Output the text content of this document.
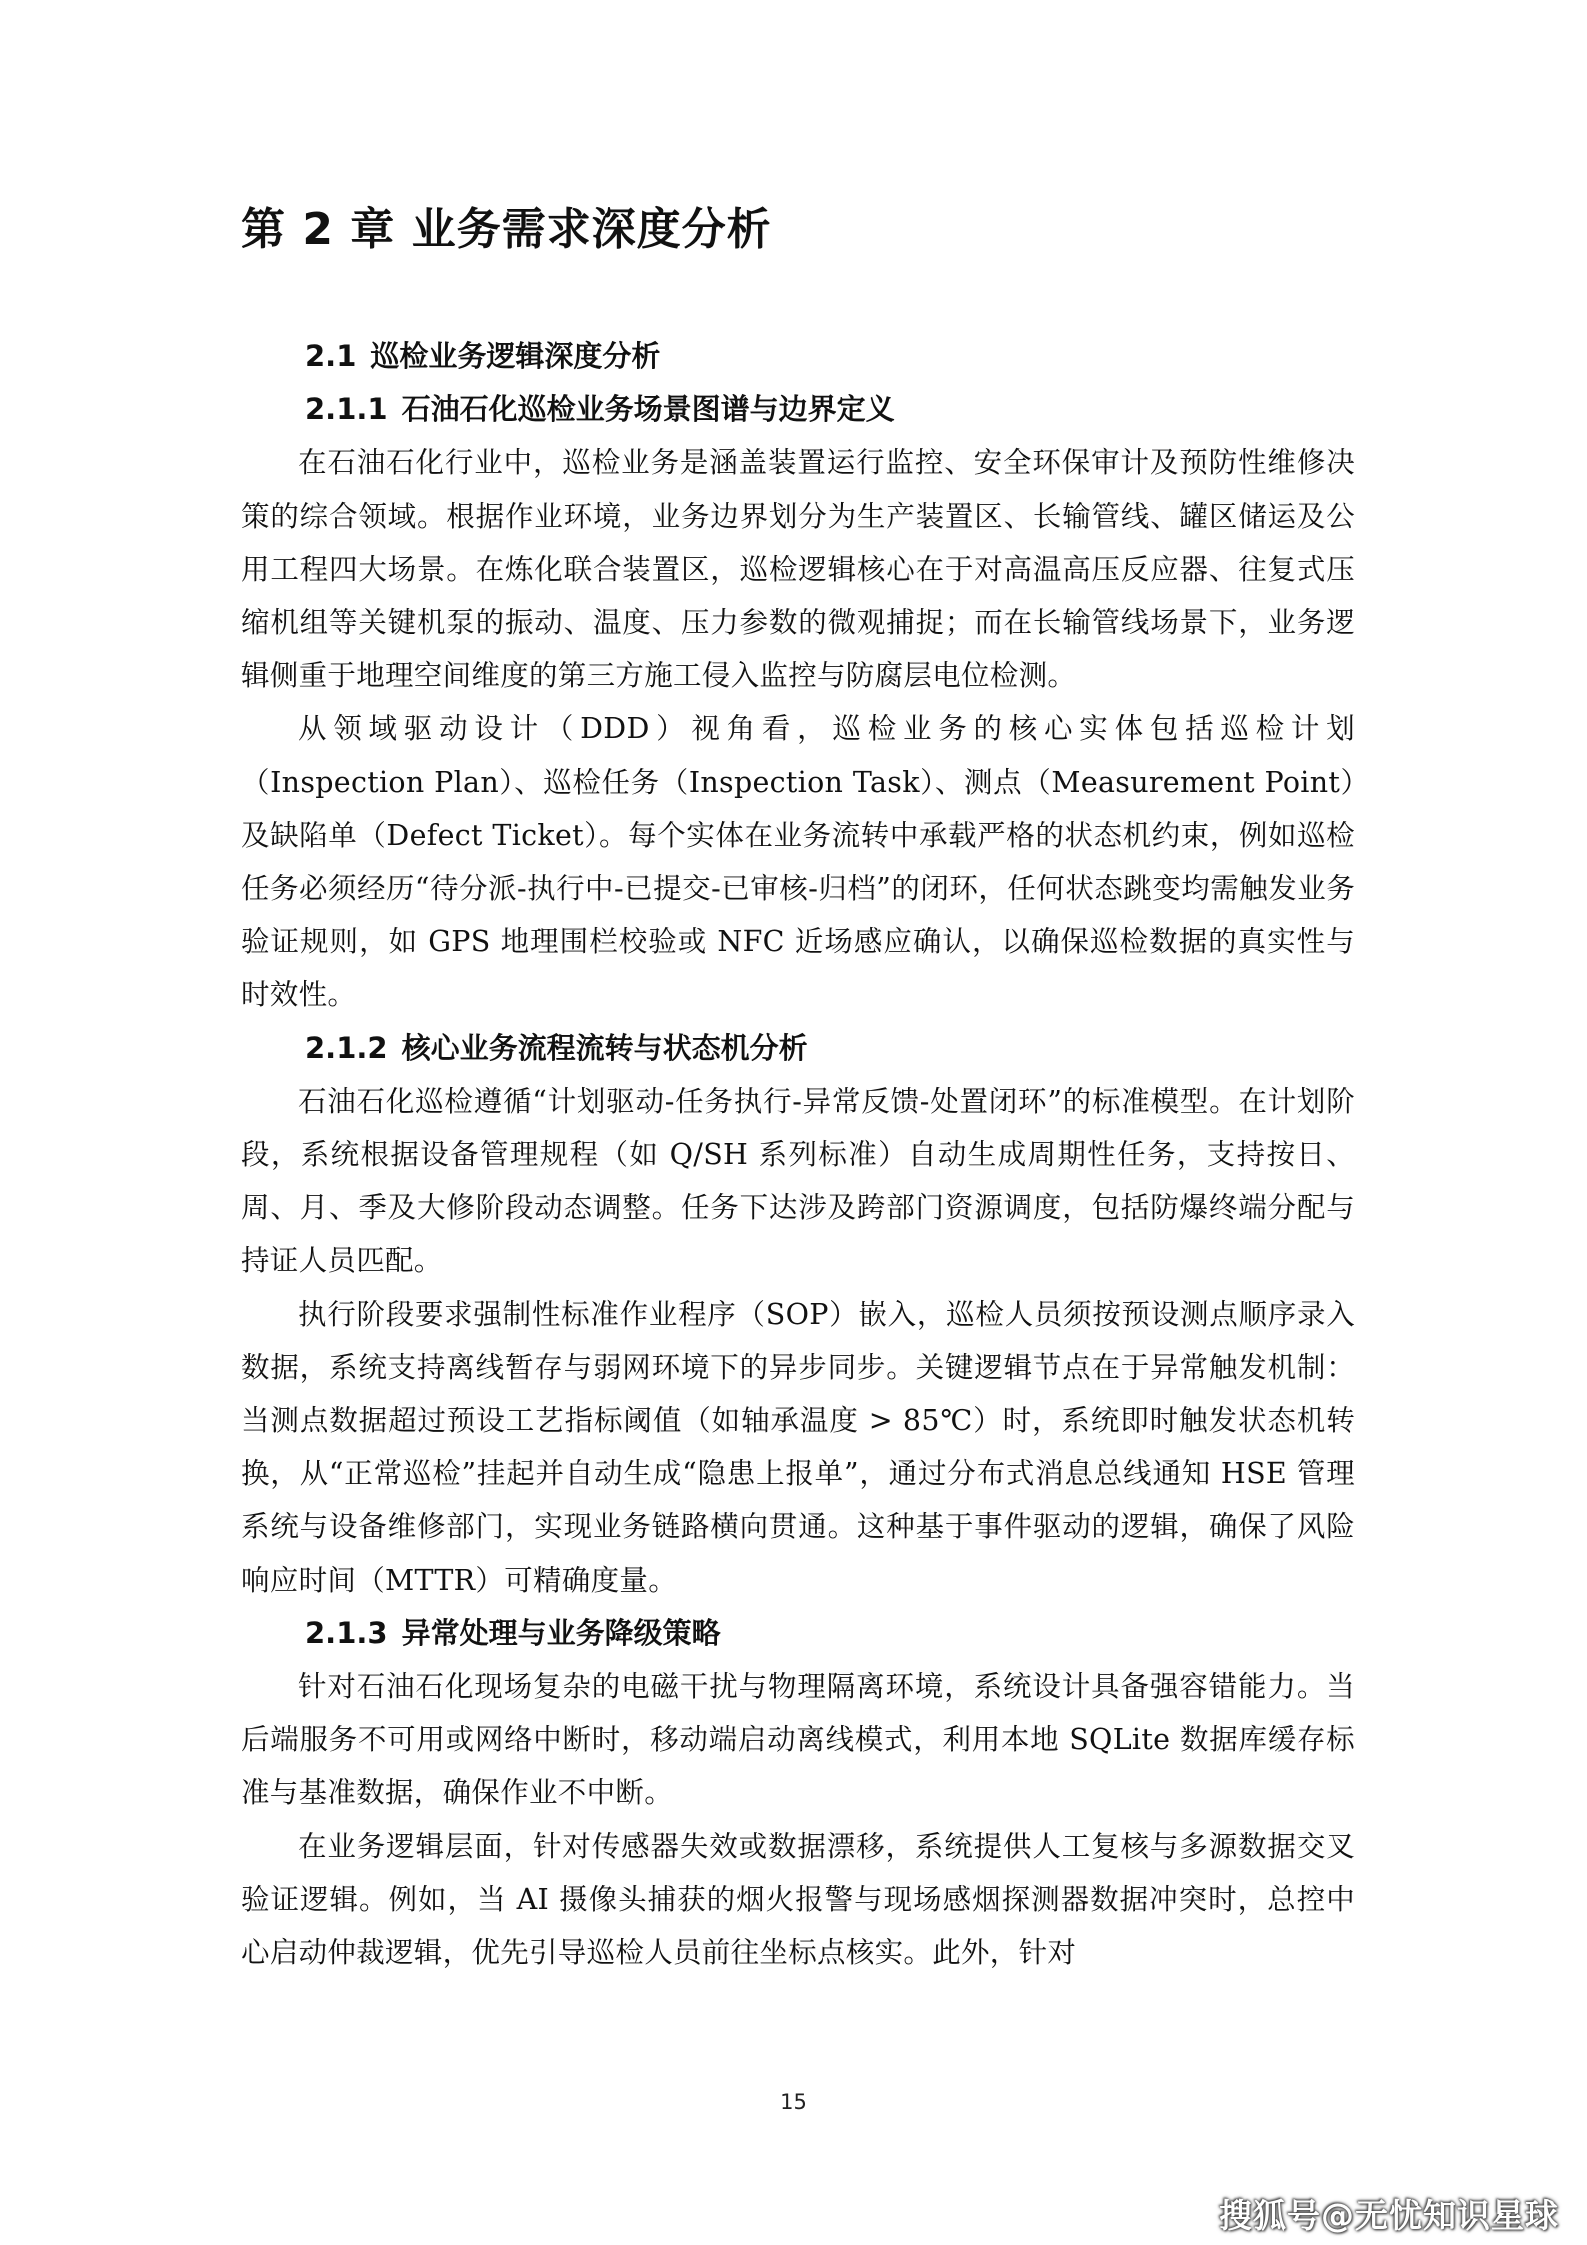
第 2 章 业务需求深度分析
2.1 巡检业务逻辑深度分析
2.1.1 石油石化巡检业务场景图谱与边界定义

在石油石化行业中，巡检业务是涵盖装置运行监控、安全环保审计及预防性维修决策的综合领域。根据作业环境，业务边界划分为生产装置区、长输管线、罐区储运及公用工程四大场景。在炼化联合装置区，巡检逻辑核心在于对高温高压反应器、往复式压缩机组等关键机泵的振动、温度、压力参数的微观捕捉；而在长输管线场景下，业务逻辑侧重于地理空间维度的第三方施工侵入监控与防腐层电位检测。

从领域驱动设计（DDD）视角看，巡检业务的核心实体包括巡检计划（Inspection Plan）、巡检任务（Inspection Task）、测点（Measurement Point）及缺陷单（Defect Ticket）。每个实体在业务流转中承载严格的状态机约束，例如巡检任务必须经历“待分派-执行中-已提交-已审核-归档”的闭环，任何状态跳变均需触发业务验证规则，如 GPS 地理围栏校验或 NFC 近场感应确认，以确保巡检数据的真实性与时效性。

2.1.2 核心业务流程流转与状态机分析

石油石化巡检遵循“计划驱动-任务执行-异常反馈-处置闭环”的标准模型。在计划阶段，系统根据设备管理规程（如 Q/SH 系列标准）自动生成周期性任务，支持按日、周、月、季及大修阶段动态调整。任务下达涉及跨部门资源调度，包括防爆终端分配与持证人员匹配。

执行阶段要求强制性标准作业程序（SOP）嵌入，巡检人员须按预设测点顺序录入数据，系统支持离线暂存与弱网环境下的异步同步。关键逻辑节点在于异常触发机制：当测点数据超过预设工艺指标阈值（如轴承温度 > 85℃）时，系统即时触发状态机转换，从“正常巡检”挂起并自动生成“隐患上报单”，通过分布式消息总线通知 HSE 管理系统与设备维修部门，实现业务链路横向贯通。这种基于事件驱动的逻辑，确保了风险响应时间（MTTR）可精确度量。

2.1.3 异常处理与业务降级策略

针对石油石化现场复杂的电磁干扰与物理隔离环境，系统设计具备强容错能力。当后端服务不可用或网络中断时，移动端启动离线模式，利用本地 SQLite 数据库缓存标准与基准数据，确保作业不中断。

在业务逻辑层面，针对传感器失效或数据漂移，系统提供人工复核与多源数据交叉验证逻辑。例如，当 AI 摄像头捕获的烟火报警与现场感烟探测器数据冲突时，总控中心启动仲裁逻辑，优先引导巡检人员前往坐标点核实。此外，针对

15
搜狐号@无忧知识星球
